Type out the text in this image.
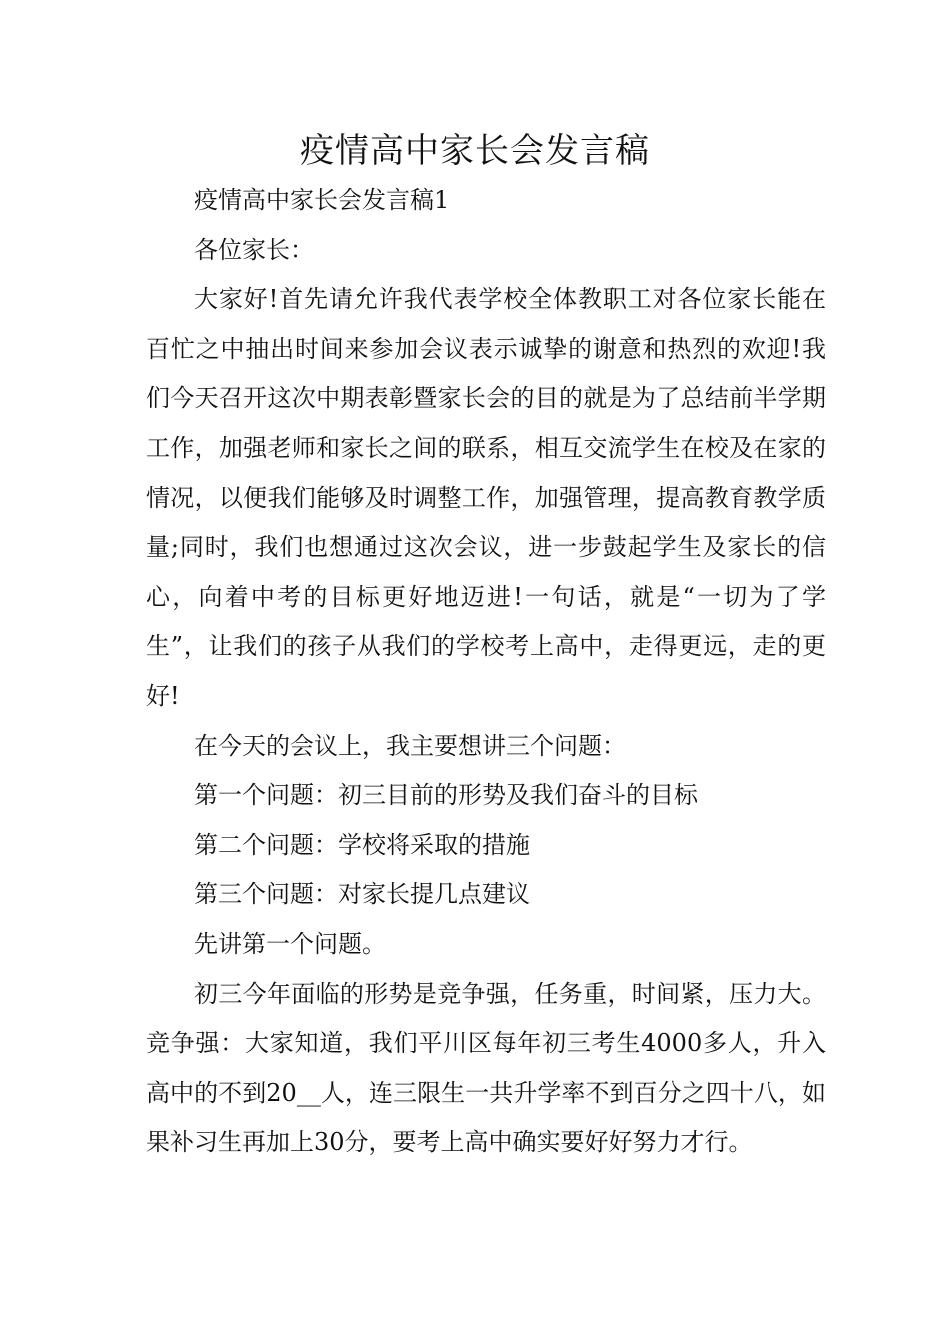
疫情高中家长会发言稿

疫情高中家长会发言稿1

各位家长：

大家好!首先请允许我代表学校全体教职工对各位家长能在百忙之中抽出时间来参加会议表示诚挚的谢意和热烈的欢迎!我们今天召开这次中期表彰暨家长会的目的就是为了总结前半学期工作，加强老师和家长之间的联系，相互交流学生在校及在家的情况，以便我们能够及时调整工作，加强管理，提高教育教学质量;同时，我们也想通过这次会议，进一步鼓起学生及家长的信心，向着中考的目标更好地迈进!一句话，就是“一切为了学生”，让我们的孩子从我们的学校考上高中，走得更远，走的更好!

在今天的会议上，我主要想讲三个问题：

第一个问题：初三目前的形势及我们奋斗的目标

第二个问题：学校将采取的措施

第三个问题：对家长提几点建议

先讲第一个问题。

初三今年面临的形势是竞争强，任务重，时间紧，压力大。竞争强：大家知道，我们平川区每年初三考生4000多人，升入高中的不到20__人，连三限生一共升学率不到百分之四十八，如果补习生再加上30分，要考上高中确实要好好努力才行。
